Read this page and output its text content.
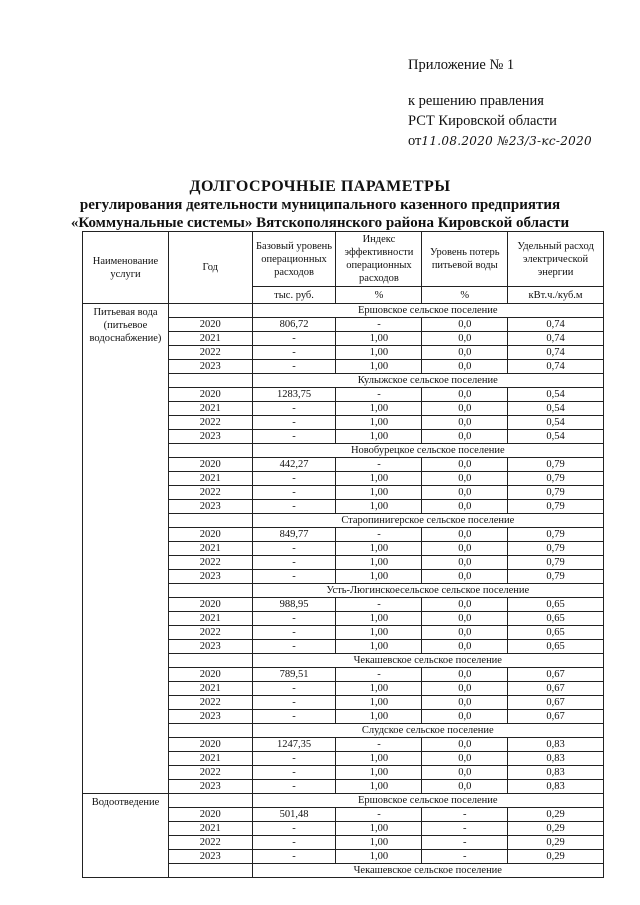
Приложение № 1
к решению правления
РСТ Кировской области
от11.08.2020 №23/3-кс-2020
ДОЛГОСРОЧНЫЕ ПАРАМЕТРЫ
регулирования деятельности муниципального казенного предприятия
«Коммунальные системы» Вятскополянского района Кировской области
Наименование услуги	Год	Базовый уровень операционных расходов	Индекс эффективности операционных расходов	Уровень потерь питьевой воды	Удельный расход электрической энергии
		тыс. руб.	%	%	кВт.ч./куб.м
Питьевая вода (питьевое водоснабжение)		Ершовское сельское поселение			
	2020	806,72	-	0,0	0,74
	2021	-	1,00	0,0	0,74
	2022	-	1,00	0,0	0,74
	2023	-	1,00	0,0	0,74
		Кулыжское сельское поселение			
	2020	1283,75	-	0,0	0,54
	2021	-	1,00	0,0	0,54
	2022	-	1,00	0,0	0,54
	2023	-	1,00	0,0	0,54
		Новобурецкое сельское поселение			
	2020	442,27	-	0,0	0,79
	2021	-	1,00	0,0	0,79
	2022	-	1,00	0,0	0,79
	2023	-	1,00	0,0	0,79
		Старопинигерское сельское поселение			
	2020	849,77	-	0,0	0,79
	2021	-	1,00	0,0	0,79
	2022	-	1,00	0,0	0,79
	2023	-	1,00	0,0	0,79
		Усть-Люгинскоесельское сельское поселение			
	2020	988,95	-	0,0	0,65
	2021	-	1,00	0,0	0,65
	2022	-	1,00	0,0	0,65
	2023	-	1,00	0,0	0,65
		Чекашевское сельское поселение			
	2020	789,51	-	0,0	0,67
	2021	-	1,00	0,0	0,67
	2022	-	1,00	0,0	0,67
	2023	-	1,00	0,0	0,67
		Слудское сельское поселение			
	2020	1247,35	-	0,0	0,83
	2021	-	1,00	0,0	0,83
	2022	-	1,00	0,0	0,83
	2023	-	1,00	0,0	0,83
Водоотведение		Ершовское сельское поселение			
	2020	501,48	-	-	0,29
	2021	-	1,00	-	0,29
	2022	-	1,00	-	0,29
	2023	-	1,00	-	0,29
		Чекашевское сельское поселение			
